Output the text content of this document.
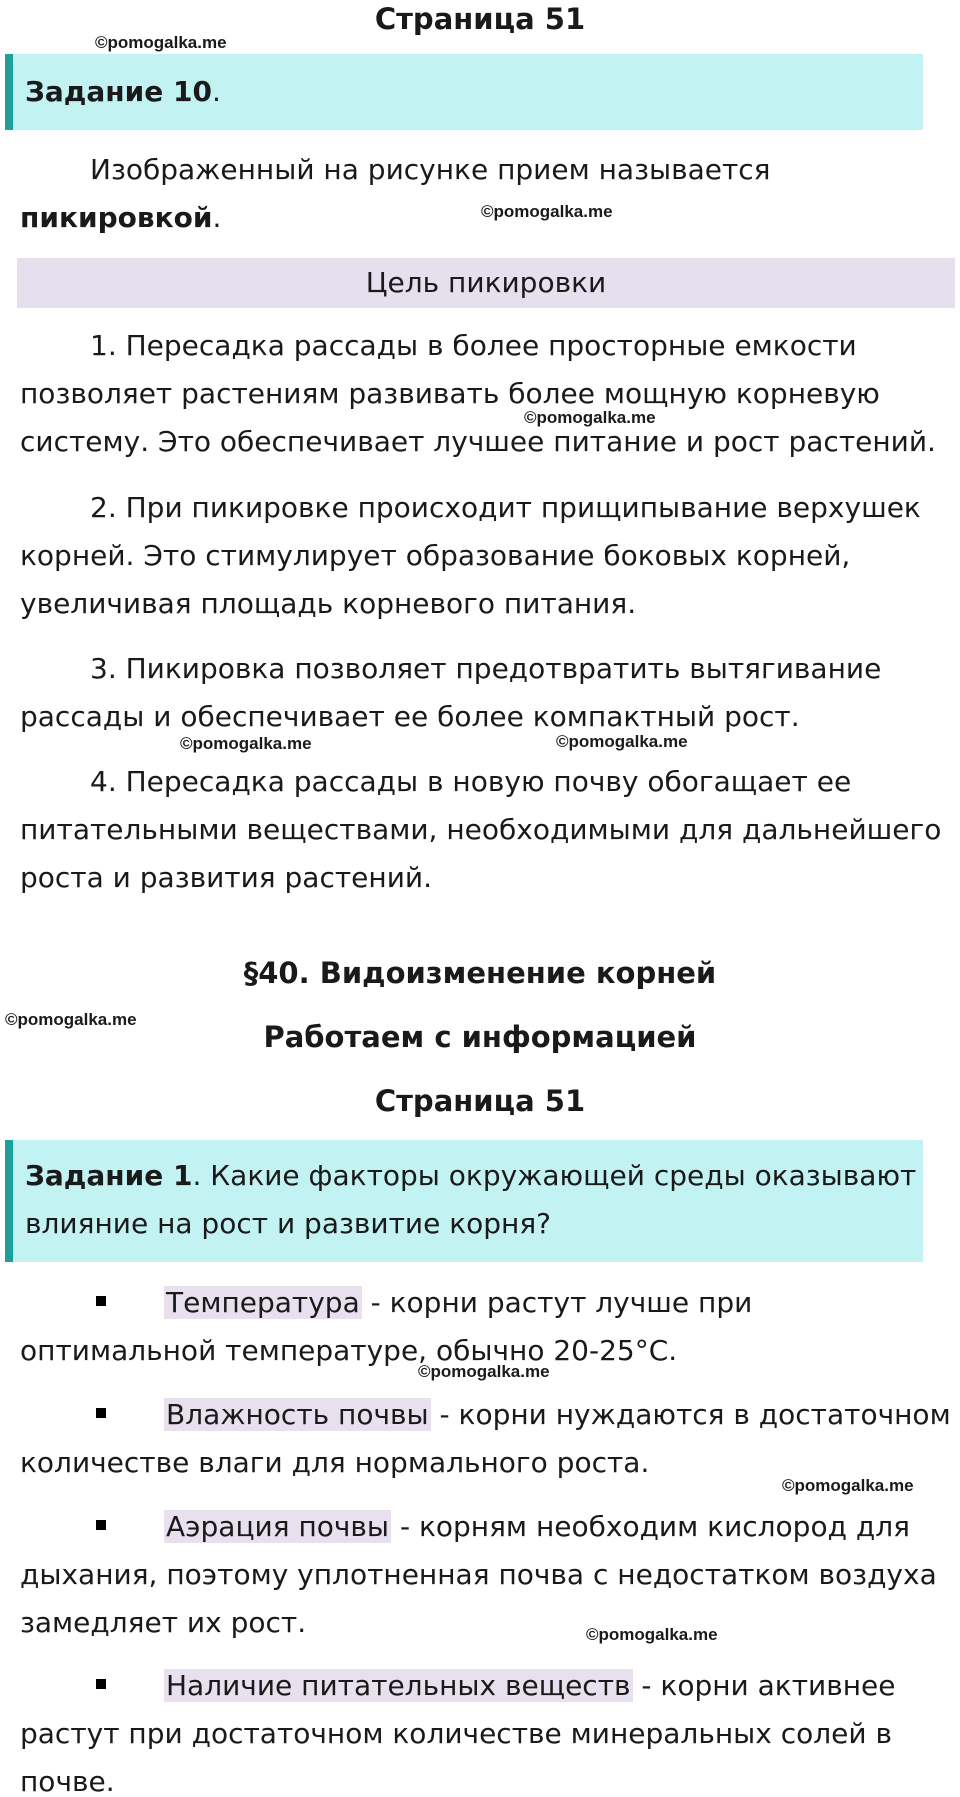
Страница 51
Задание 10.
Изображенный на рисунке прием называется
пикировкой.
Цель пикировки
1. Пересадка рассады в более просторные емкости позволяет растениям развивать более мощную корневую систему. Это обеспечивает лучшее питание и рост растений.
2. При пикировке происходит прищипывание верхушек корней. Это стимулирует образование боковых корней, увеличивая площадь корневого питания.
3. Пикировка позволяет предотвратить вытягивание рассады и обеспечивает ее более компактный рост.
4. Пересадка рассады в новую почву обогащает ее питательными веществами, необходимыми для дальнейшего роста и развития растений.
§40. Видоизменение корней
Работаем с информацией
Страница 51
Задание 1. Какие факторы окружающей среды оказывают влияние на рост и развитие корня?
Температура - корни растут лучше при оптимальной температуре, обычно 20-25°С.
Влажность почвы - корни нуждаются в достаточном количестве влаги для нормального роста.
Аэрация почвы - корням необходим кислород для дыхания, поэтому уплотненная почва с недостатком воздуха замедляет их рост.
Наличие питательных веществ - корни активнее растут при достаточном количестве минеральных солей в почве.
©pomogalka.me
©pomogalka.me
©pomogalka.me
©pomogalka.me	©pomogalka.me
©pomogalka.me
©pomogalka.me
©pomogalka.me
©pomogalka.me
